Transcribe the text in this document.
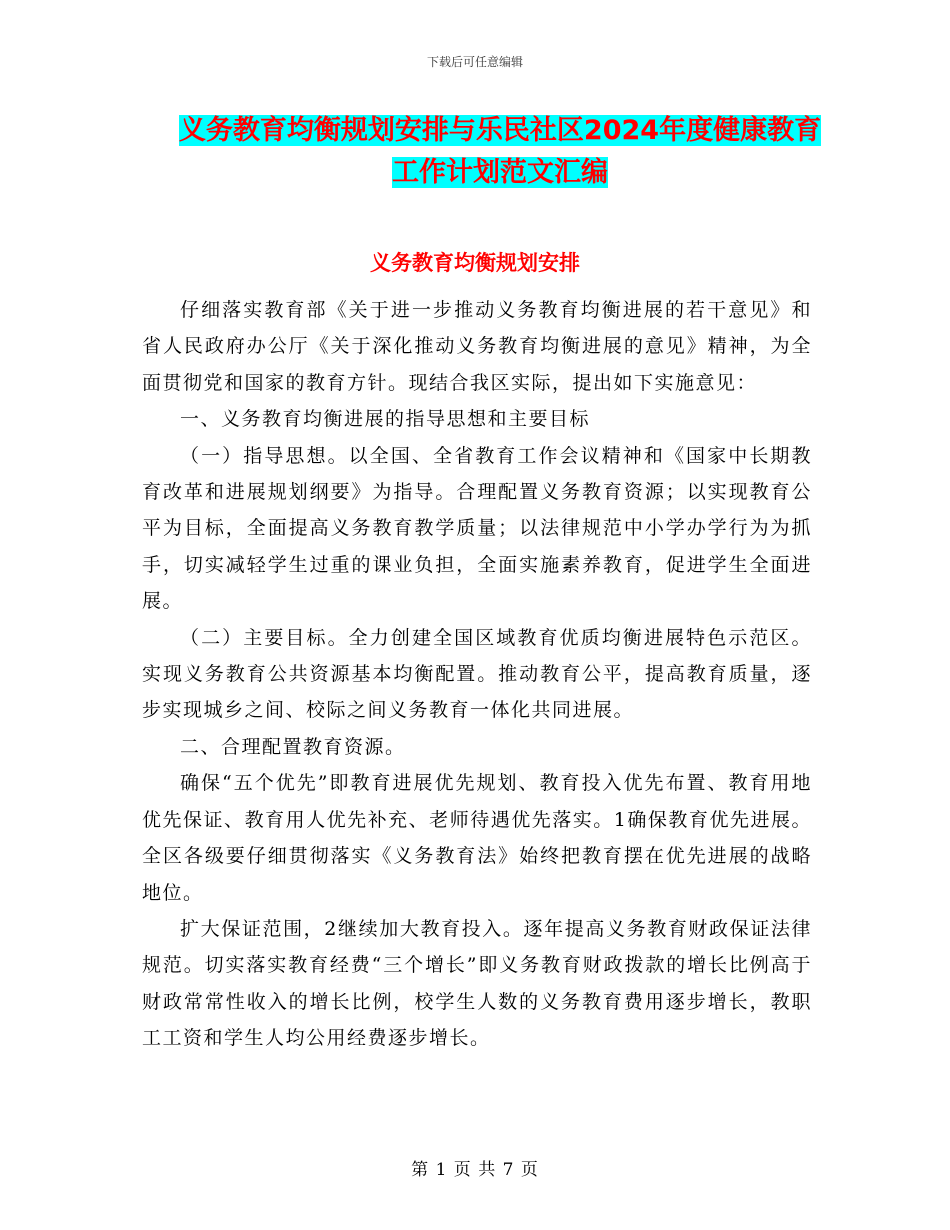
下载后可任意编辑
义务教育均衡规划安排与乐民社区2024年度健康教育
工作计划范文汇编
义务教育均衡规划安排

仔细落实教育部《关于进一步推动义务教育均衡进展的若干意见》和 省人民政府办公厅《关于深化推动义务教育均衡进展的意见》精神，为全面贯彻党和国家的教育方针。现结合我区实际，提出如下实施意见：

一、义务教育均衡进展的指导思想和主要目标

（一）指导思想。以全国、全省教育工作会议精神和《国家中长期教育改革和进展规划纲要》为指导。合理配置义务教育资源；以实现教育公平为目标，全面提高义务教育教学质量；以法律规范中小学办学行为为抓手，切实减轻学生过重的课业负担，全面实施素养教育，促进学生全面进展。

（二）主要目标。全力创建全国区域教育优质均衡进展特色示范区。实现义务教育公共资源基本均衡配置。推动教育公平，提高教育质量，逐步实现城乡之间、校际之间义务教育一体化共同进展。

二、合理配置教育资源。

确保“五个优先”即教育进展优先规划、教育投入优先布置、教育用地优先保证、教育用人优先补充、老师待遇优先落实。1确保教育优先进展。全区各级要仔细贯彻落实《义务教育法》始终把教育摆在优先进展的战略地位。

扩大保证范围，2继续加大教育投入。逐年提高义务教育财政保证法律规范。切实落实教育经费“三个增长”即义务教育财政拨款的增长比例高于财政常常性收入的增长比例，校学生人数的义务教育费用逐步增长，教职工工资和学生人均公用经费逐步增长。

第 1 页 共 7 页
